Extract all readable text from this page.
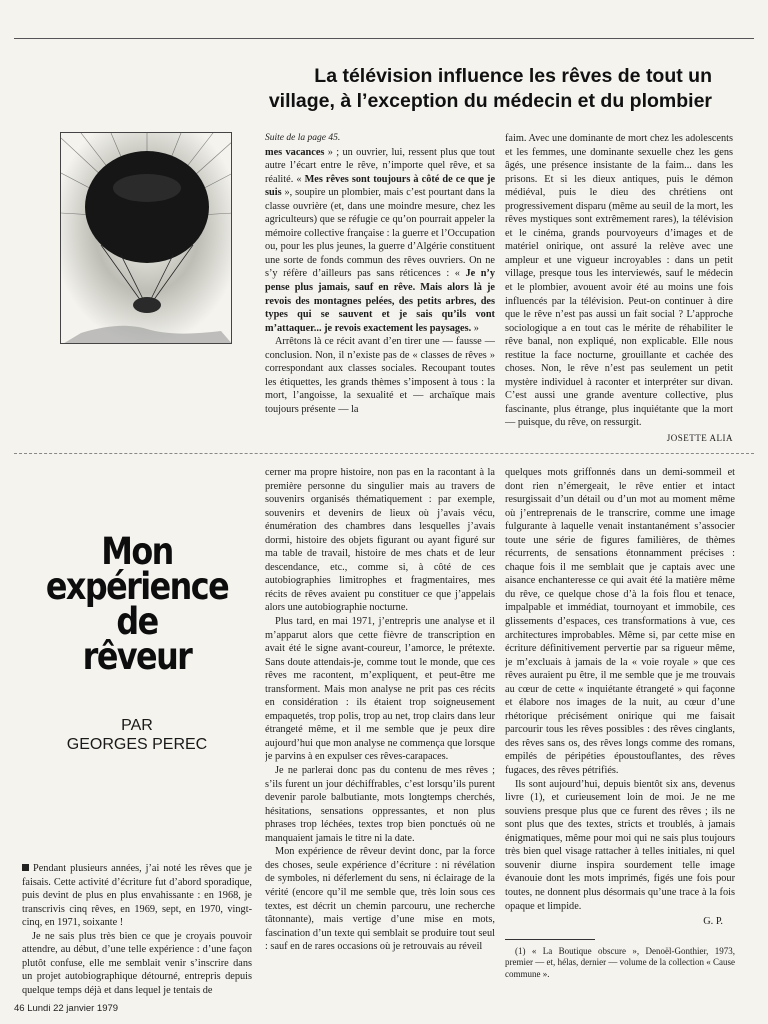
La télévision influence les rêves de tout un village, à l’exception du médecin et du plombier

Suite de la page 45.

mes vacances » ; un ouvrier, lui, ressent plus que tout autre l’écart entre le rêve, n’importe quel rêve, et sa réalité. « Mes rêves sont toujours à côté de ce que je suis », soupire un plombier, mais c’est pourtant dans la classe ouvrière (et, dans une moindre mesure, chez les agriculteurs) que se réfugie ce qu’on pourrait appeler la mémoire collective française : la guerre et l’Occupation ou, pour les plus jeunes, la guerre d’Algérie constituent une sorte de fonds commun des rêves ouvriers. On ne s’y réfère d’ailleurs pas sans réticences : « Je n’y pense plus jamais, sauf en rêve. Mais alors là je revois des montagnes pelées, des petits arbres, des types qui se sauvent et je sais qu’ils vont m’attaquer... je revois exactement les paysages. »

Arrêtons là ce récit avant d’en tirer une — fausse — conclusion. Non, il n’existe pas de « classes de rêves » correspondant aux classes sociales. Recoupant toutes les étiquettes, les grands thèmes s’imposent à tous : la mort, l’angoisse, la sexualité et — archaïque mais toujours présente — la

faim. Avec une dominante de mort chez les adolescents et les femmes, une dominante sexuelle chez les gens âgés, une présence insistante de la faim... dans les prisons. Et si les dieux antiques, puis le démon médiéval, puis le dieu des chrétiens ont progressivement disparu (même au seuil de la mort, les rêves mystiques sont extrêmement rares), la télévision et le cinéma, grands pourvoyeurs d’images et de matériel onirique, ont assuré la relève avec une ampleur et une vigueur incroyables : dans un petit village, presque tous les interviewés, sauf le médecin et le plombier, avouent avoir été au moins une fois influencés par la télévision. Peut-on continuer à dire que le rêve n’est pas aussi un fait social ? L’approche sociologique a en tout cas le mérite de réhabiliter le rêve banal, non expliqué, non explicable. Elle nous restitue la face nocturne, grouillante et cachée des choses. Non, le rêve n’est pas seulement un petit mystère individuel à raconter et interpréter sur divan. C’est aussi une grande aventure collective, plus fascinante, plus étrange, plus inquiétante que la mort — puisque, du rêve, on ressurgit.

JOSETTE ALIA

Mon
expérience de
rêveur
PAR
GEORGES PEREC

Pendant plusieurs années, j’ai noté les rêves que je faisais. Cette activité d’écriture fut d’abord sporadique, puis devint de plus en plus envahissante : en 1968, je transcrivis cinq rêves, en 1969, sept, en 1970, vingt-cinq, en 1971, soixante !

Je ne sais plus très bien ce que je croyais pouvoir attendre, au début, d’une telle expérience : d’une façon plutôt confuse, elle me semblait venir s’inscrire dans un projet autobiographique détourné, entrepris depuis quelque temps déjà et dans lequel je tentais de

cerner ma propre histoire, non pas en la racontant à la première personne du singulier mais au travers de souvenirs organisés thématiquement : par exemple, souvenirs et devenirs de lieux où j’avais vécu, énumération des chambres dans lesquelles j’avais dormi, histoire des objets figurant ou ayant figuré sur ma table de travail, histoire de mes chats et de leur descendance, etc., comme si, à côté de ces autobiographies limitrophes et fragmentaires, mes récits de rêves avaient pu constituer ce que j’appelais alors une autobiographie nocturne.

Plus tard, en mai 1971, j’entrepris une analyse et il m’apparut alors que cette fièvre de transcription en avait été le signe avant-coureur, l’amorce, le prétexte. Sans doute attendais-je, comme tout le monde, que ces rêves me racontent, m’expliquent, et peut-être me transforment. Mais mon analyse ne prit pas ces récits en considération : ils étaient trop soigneusement empaquetés, trop polis, trop au net, trop clairs dans leur étrangeté même, et il me semble que je peux dire aujourd’hui que mon analyse ne commença que lorsque je parvins à en expulser ces rêves-carapaces.

Je ne parlerai donc pas du contenu de mes rêves ; s’ils furent un jour déchiffrables, c’est lorsqu’ils purent devenir parole balbutiante, mots longtemps cherchés, hésitations, sensations oppressantes, et non plus phrases trop léchées, textes trop bien ponctués où ne manquaient jamais le titre ni la date.

Mon expérience de rêveur devint donc, par la force des choses, seule expérience d’écriture : ni révélation de symboles, ni déferlement du sens, ni éclairage de la vérité (encore qu’il me semble que, très loin sous ces textes, est décrit un chemin parcouru, une recherche tâtonnante), mais vertige d’une mise en mots, fascination d’un texte qui semblait se produire tout seul : sauf en de rares occasions où je retrouvais au réveil

quelques mots griffonnés dans un demi-sommeil et dont rien n’émergeait, le rêve entier et intact resurgissait d’un détail ou d’un mot au moment même où j’entreprenais de le transcrire, comme une image fulgurante à laquelle venait instantanément s’associer toute une série de figures familières, de thèmes récurrents, de sensations étonnamment précises : chaque fois il me semblait que je captais avec une aisance enchanteresse ce qui avait été la matière même du rêve, ce quelque chose d’à la fois flou et tenace, impalpable et immédiat, tournoyant et immobile, ces glissements d’espaces, ces transformations à vue, ces architectures improbables. Même si, par cette mise en écriture définitivement pervertie par sa rigueur même, je m’excluais à jamais de la « voie royale » que ces rêves auraient pu être, il me semble que je me trouvais au cœur de cette « inquiétante étrangeté » qui façonne et élabore nos images de la nuit, au cœur d’une rhétorique précisément onirique qui me faisait parcourir tous les rêves possibles : des rêves cinglants, des rêves sans os, des rêves longs comme des romans, empilés de péripéties époustouflantes, des rêves fugaces, des rêves pétrifiés.

Ils sont aujourd’hui, depuis bientôt six ans, devenus livre (1), et curieusement loin de moi. Je ne me souviens presque plus que ce furent des rêves ; ils ne sont plus que des textes, stricts et troublés, à jamais énigmatiques, même pour moi qui ne sais plus toujours très bien quel visage rattacher à telles initiales, ni quel souvenir diurne inspira sourdement telle image évanouie dont les mots imprimés, figés une fois pour toutes, ne donnent plus désormais qu’une trace à la fois opaque et limpide.

G. P.

(1) « La Boutique obscure », Denoël-Gonthier, 1973, premier — et, hélas, dernier — volume de la collection « Cause commune ».

46 Lundi 22 janvier 1979
